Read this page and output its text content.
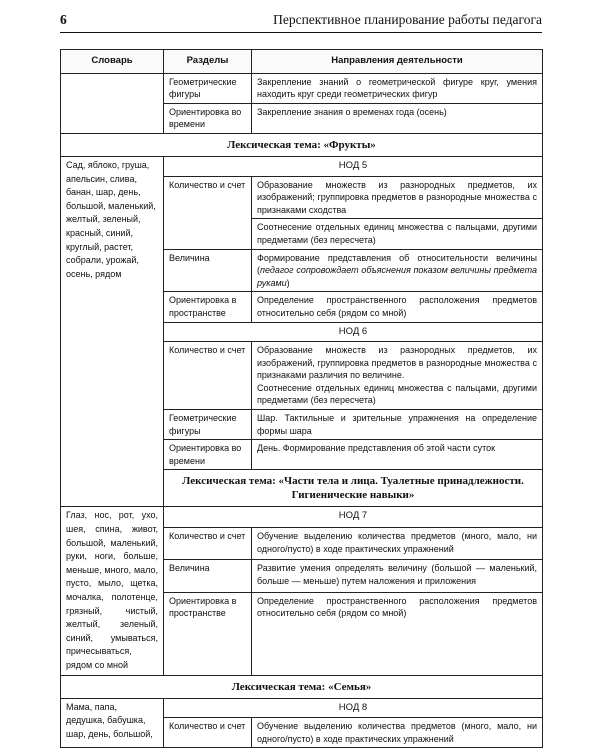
6	Перспективное планирование работы педагога
Словарь	Разделы	Направления деятельности
	Геометрические фигуры	Закрепление знаний о геометрической фигуре круг, умения находить круг среди геометрических фигур
	Ориентировка во времени	Закрепление знания о временах года (осень)
Лексическая тема: «Фрукты»		
Сад, яблоко, груша, апельсин, слива, банан, шар, день, большой, маленький, желтый, зеленый, красный, синий, круглый, растет, собрали, урожай, осень, рядом	НОД 5	
	Количество и счет	Образование множеств из разнородных предметов, их изображений; группировка предметов в разнородные множества с признаками сходства
		Соотнесение отдельных единиц множества с пальцами, другими предметами (без пересчета)
	Величина	Формирование представления об относительности величины (педагог сопровождает объяснения показом величины предмета руками)
	Ориентировка в пространстве	Определение пространственного расположения предметов относительно себя (рядом со мной)
	НОД 6	
	Количество и счет	Образование множеств из разнородных предметов, их изображений, группировка предметов в разнородные множества с признаками различия по величине.
Соотнесение отдельных единиц множества с пальцами, другими предметами (без пересчета)

	Геометрические фигуры	Шар. Тактильные и зрительные упражнения на определение формы шара
	Ориентировка во времени	День. Формирование представления об этой части суток

	Лексическая тема: «Части тела и лица. Туалетные принадлежности.
Гигиенические навыки»	

Глаз, нос, рот, ухо, шея, спина, живот, большой, маленький, руки, ноги, больше, меньше, много, мало, пусто, мыло, щетка, мочалка, полотенце, грязный, чистый, желтый, зеленый, синий, умываться, причесываться, рядом со мной	НОД 7	
	Количество и счет	Обучение выделению количества предметов (много, мало, ни одного/пусто) в ходе практических упражнений
	Величина	Развитие умения определять величину (большой — маленький, больше — меньше) путем наложения и приложения
	Ориентировка в пространстве	Определение пространственного расположения предметов относительно себя (рядом со мной)
Лексическая тема: «Семья»		
Мама, папа, дедушка, бабушка, шар, день, большой,	НОД 8	
	Количество и счет	Обучение выделению количества предметов (много, мало, ни одного/пусто) в ходе практических упражнений
